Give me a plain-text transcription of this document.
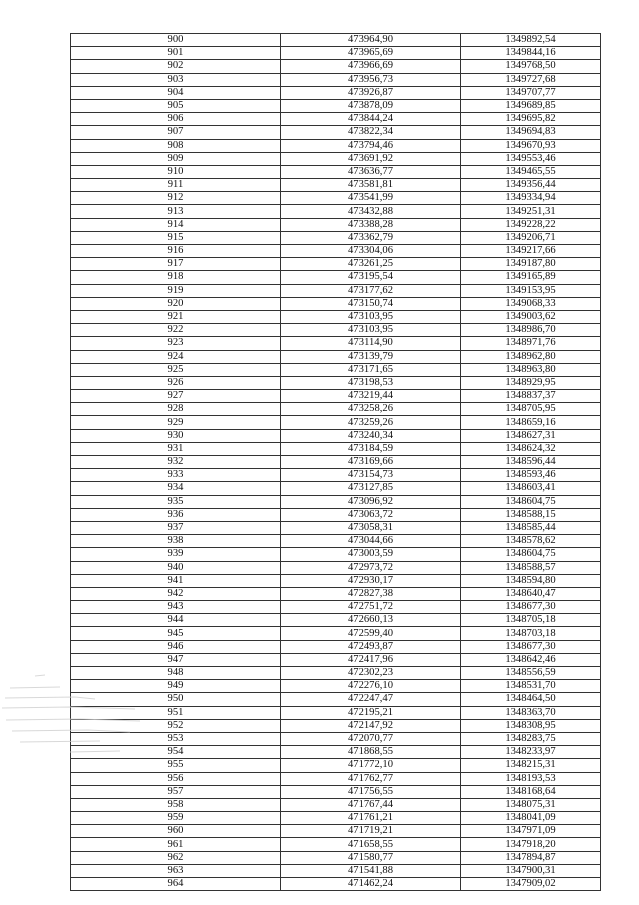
900	473964,90	1349892,54
901	473965,69	1349844,16
902	473966,69	1349768,50
903	473956,73	1349727,68
904	473926,87	1349707,77
905	473878,09	1349689,85
906	473844,24	1349695,82
907	473822,34	1349694,83
908	473794,46	1349670,93
909	473691,92	1349553,46
910	473636,77	1349465,55
911	473581,81	1349356,44
912	473541,99	1349334,94
913	473432,88	1349251,31
914	473388,28	1349228,22
915	473362,79	1349206,71
916	473304,06	1349217,66
917	473261,25	1349187,80
918	473195,54	1349165,89
919	473177,62	1349153,95
920	473150,74	1349068,33
921	473103,95	1349003,62
922	473103,95	1348986,70
923	473114,90	1348971,76
924	473139,79	1348962,80
925	473171,65	1348963,80
926	473198,53	1348929,95
927	473219,44	1348837,37
928	473258,26	1348705,95
929	473259,26	1348659,16
930	473240,34	1348627,31
931	473184,59	1348624,32
932	473169,66	1348596,44
933	473154,73	1348593,46
934	473127,85	1348603,41
935	473096,92	1348604,75
936	473063,72	1348588,15
937	473058,31	1348585,44
938	473044,66	1348578,62
939	473003,59	1348604,75
940	472973,72	1348588,57
941	472930,17	1348594,80
942	472827,38	1348640,47
943	472751,72	1348677,30
944	472660,13	1348705,18
945	472599,40	1348703,18
946	472493,87	1348677,30
947	472417,96	1348642,46
948	472302,23	1348556,59
949	472276,10	1348531,70
950	472247,47	1348464,50
951	472195,21	1348363,70
952	472147,92	1348308,95
953	472070,77	1348283,75
954	471868,55	1348233,97
955	471772,10	1348215,31
956	471762,77	1348193,53
957	471756,55	1348168,64
958	471767,44	1348075,31
959	471761,21	1348041,09
960	471719,21	1347971,09
961	471658,55	1347918,20
962	471580,77	1347894,87
963	471541,88	1347900,31
964	471462,24	1347909,02
